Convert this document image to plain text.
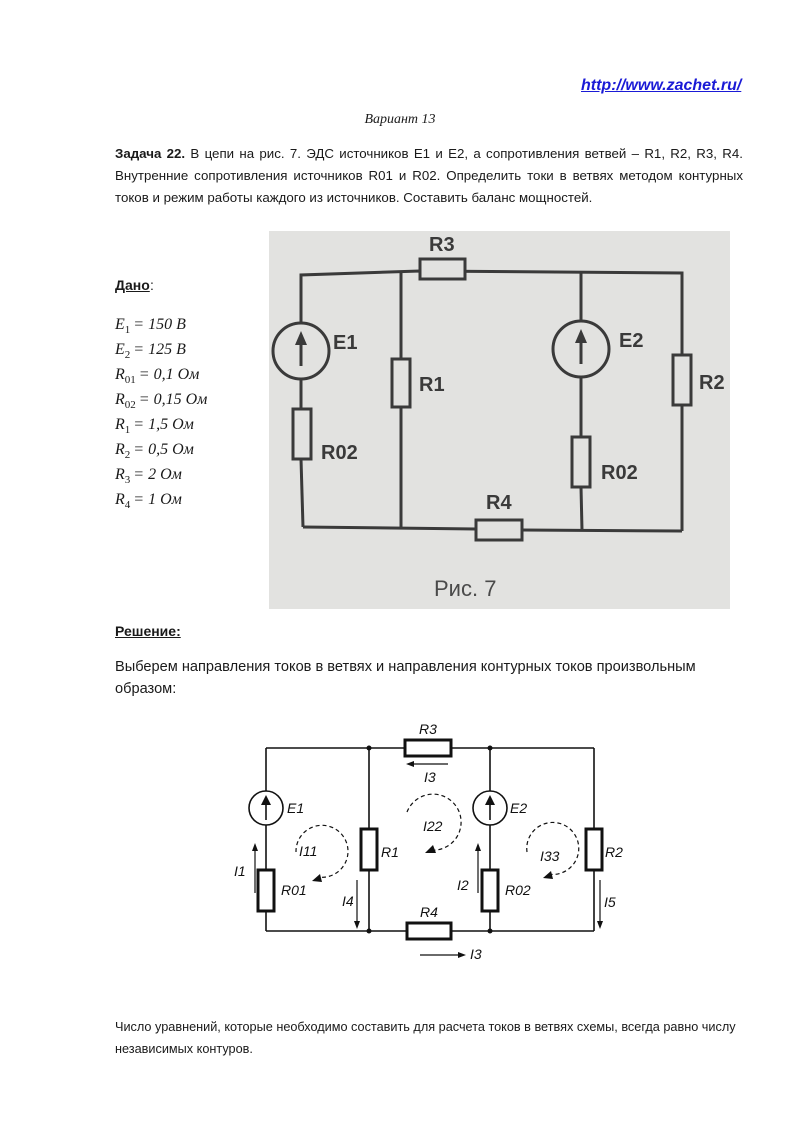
http://www.zachet.ru/
Вариант 13
Задача 22. В цепи на рис. 7. ЭДС источников Е1 и Е2, а сопротивления ветвей – R1, R2, R3, R4. Внутренние сопротивления источников R01 и R02. Определить токи в ветвях методом контурных токов и режим работы каждого из источников. Составить баланс мощностей.
Дано :
$E_1 = 150$ В
$E_2 = 125$ В
$R_{01} = 0,1$ Ом
$R_{02} = 0,15$ Ом
$R_1 = 1,5$ Ом
$R_2 = 0,5$ Ом
$R_3 = 2$ Ом
$R_4 = 1$ Ом
R3
E1	E2
R1	R2
R02
R02
R4
Рис. 7
Решение:
Выберем направления токов в ветвях и направления контурных токов произвольным образом:
R3
I3
E1	E2
I22
I11	R1	I33	R2
I1
R01
I4
I2	R02
I5
R4
I3
Число уравнений, которые необходимо составить для расчета токов в ветвях схемы, всегда равно числу независимых контуров.
